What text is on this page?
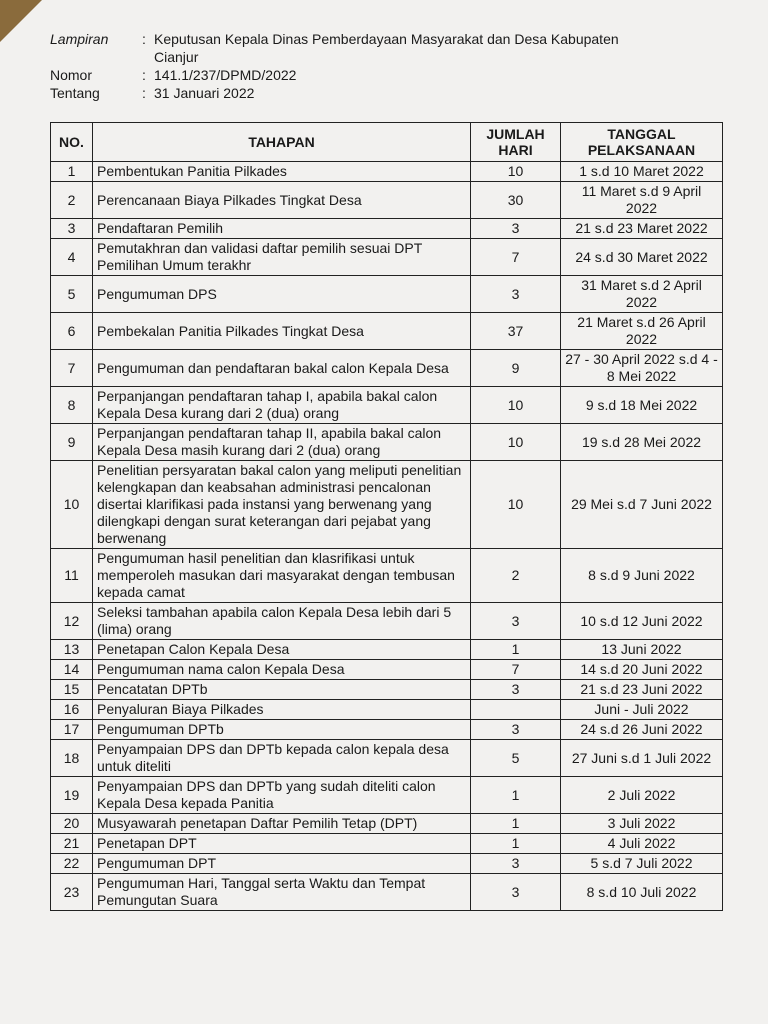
Lampiran	: Keputusan Kepala Dinas Pemberdayaan Masyarakat dan Desa Kabupaten
Cianjur
Nomor	: 141.1/237/DPMD/2022
Tentang	: 31 Januari 2022
NO.	TAHAPAN	JUMLAH HARI	TANGGAL PELAKSANAAN
1	Pembentukan Panitia Pilkades	10	1 s.d 10 Maret 2022
2	Perencanaan Biaya Pilkades Tingkat Desa	30	11 Maret s.d 9 April 2022
3	Pendaftaran Pemilih	3	21 s.d 23 Maret 2022
4	Pemutakhran dan validasi daftar pemilih sesuai DPT Pemilihan Umum terakhr	7	24 s.d 30 Maret 2022
5	Pengumuman DPS	3	31 Maret s.d 2 April 2022
6	Pembekalan Panitia Pilkades Tingkat Desa	37	21 Maret s.d 26 April 2022
7	Pengumuman dan pendaftaran bakal calon Kepala Desa	9	27 - 30 April 2022 s.d 4 - 8 Mei 2022
8	Perpanjangan pendaftaran tahap I, apabila bakal calon Kepala Desa kurang dari 2 (dua) orang	10	9 s.d 18 Mei 2022
9	Perpanjangan pendaftaran tahap II, apabila bakal calon Kepala Desa masih kurang dari 2 (dua) orang	10	19 s.d 28 Mei 2022
10	Penelitian persyaratan bakal calon yang meliputi penelitian kelengkapan dan keabsahan administrasi pencalonan disertai klarifikasi pada instansi yang berwenang yang dilengkapi dengan surat keterangan dari pejabat yang berwenang	10	29 Mei s.d 7 Juni 2022
11	Pengumuman hasil penelitian dan klasrifikasi untuk memperoleh masukan dari masyarakat dengan tembusan kepada camat	2	8 s.d 9 Juni 2022
12	Seleksi tambahan apabila calon Kepala Desa lebih dari 5 (lima) orang	3	10 s.d 12 Juni 2022
13	Penetapan Calon Kepala Desa	1	13 Juni 2022
14	Pengumuman nama calon Kepala Desa	7	14 s.d 20 Juni 2022
15	Pencatatan DPTb	3	21 s.d 23 Juni 2022
16	Penyaluran Biaya Pilkades		Juni - Juli 2022
17	Pengumuman DPTb	3	24 s.d 26 Juni 2022
18	Penyampaian DPS dan DPTb kepada calon kepala desa untuk diteliti	5	27 Juni s.d 1 Juli 2022
19	Penyampaian DPS dan DPTb yang sudah diteliti calon Kepala Desa kepada Panitia	1	2 Juli 2022
20	Musyawarah penetapan Daftar Pemilih Tetap (DPT)	1	3 Juli 2022
21	Penetapan DPT	1	4 Juli 2022
22	Pengumuman DPT	3	5 s.d 7 Juli 2022
23	Pengumuman Hari, Tanggal serta Waktu dan Tempat Pemungutan Suara	3	8 s.d 10 Juli 2022
